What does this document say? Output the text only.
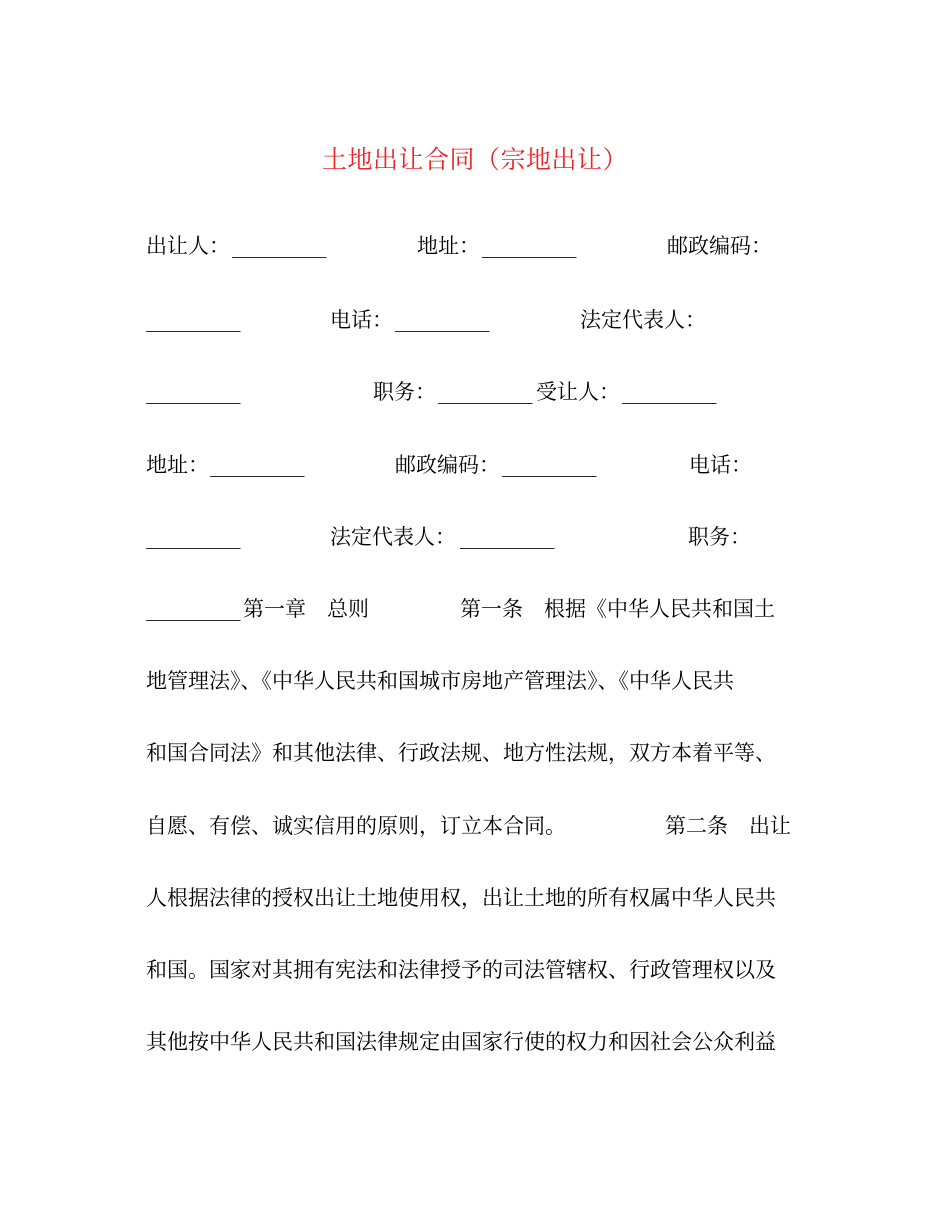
土地出让合同（宗地出让）
出让人： _________	地址： _________	邮政编码：
_________	电话： _________	法定代表人：
_________	职务： _________ 受让人： _________
地址： _________	邮政编码： _________	电话：
_________	法定代表人： _________	职务：
_________ 第一章　总则	第一条　根据《中华人民共和国土
地管理法》、《中华人民共和国城市房地产管理法》、《中华人民共
和国合同法》和其他法律、行政法规、地方性法规，双方本着平等、
自愿、有偿、诚实信用的原则，订立本合同。	第二条　出让
人根据法律的授权出让土地使用权，出让土地的所有权属中华人民共
和国。国家对其拥有宪法和法律授予的司法管辖权、行政管理权以及
其他按中华人民共和国法律规定由国家行使的权力和因社会公众利益
